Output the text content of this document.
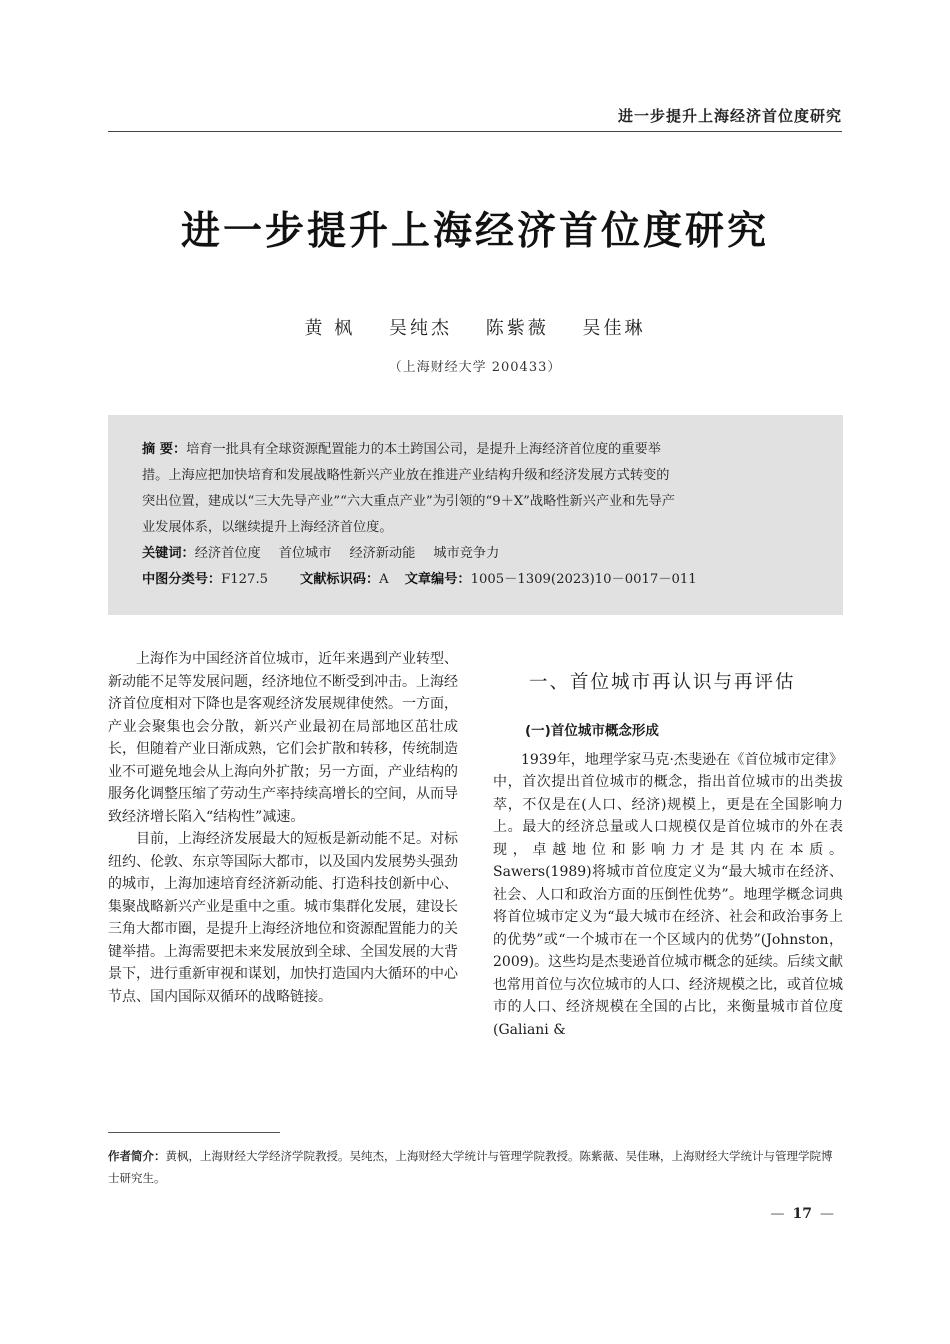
进一步提升上海经济首位度研究
进一步提升上海经济首位度研究
黄 枫 吴纯杰 陈紫薇 吴佳琳
（上海财经大学 200433）
摘 要：培育一批具有全球资源配置能力的本土跨国公司，是提升上海经济首位度的重要举
措。上海应把加快培育和发展战略性新兴产业放在推进产业结构升级和经济发展方式转变的
突出位置，建成以“三大先导产业”“六大重点产业”为引领的“9＋X”战略性新兴产业和先导产
业发展体系，以继续提升上海经济首位度。
关键词：经济首位度 首位城市 经济新动能 城市竞争力
中图分类号：F127.5 文献标识码：A 文章编号：1005－1309(2023)10－0017－011

上海作为中国经济首位城市，近年来遇到产业转型、新动能不足等发展问题，经济地位不断受到冲击。上海经济首位度相对下降也是客观经济发展规律使然。一方面，产业会聚集也会分散，新兴产业最初在局部地区茁壮成长，但随着产业日渐成熟，它们会扩散和转移，传统制造业不可避免地会从上海向外扩散；另一方面，产业结构的服务化调整压缩了劳动生产率持续高增长的空间，从而导致经济增长陷入“结构性”减速。

目前，上海经济发展最大的短板是新动能不足。对标纽约、伦敦、东京等国际大都市，以及国内发展势头强劲的城市，上海加速培育经济新动能、打造科技创新中心、集聚战略新兴产业是重中之重。城市集群化发展，建设长三角大都市圈，是提升上海经济地位和资源配置能力的关键举措。上海需要把未来发展放到全球、全国发展的大背景下，进行重新审视和谋划，加快打造国内大循环的中心节点、国内国际双循环的战略链接。

一、首位城市再认识与再评估
(一)首位城市概念形成

1939年，地理学家马克·杰斐逊在《首位城市定律》中，首次提出首位城市的概念，指出首位城市的出类拔萃，不仅是在(人口、经济)规模上，更是在全国影响力上。最大的经济总量或人口规模仅是首位城市的外在表现，卓越地位和影响力才是其内在本质。Sawers(1989)将城市首位度定义为“最大城市在经济、社会、人口和政治方面的压倒性优势”。地理学概念词典将首位城市定义为“最大城市在经济、社会和政治事务上的优势”或“一个城市在一个区域内的优势”(Johnston，2009)。这些均是杰斐逊首位城市概念的延续。后续文献也常用首位与次位城市的人口、经济规模之比，或首位城市的人口、经济规模在全国的占比，来衡量城市首位度(Galiani &

作者简介：黄枫，上海财经大学经济学院教授。吴纯杰，上海财经大学统计与管理学院教授。陈紫薇、吴佳琳，上海财经大学统计与管理学院博士研究生。
— 17 —
